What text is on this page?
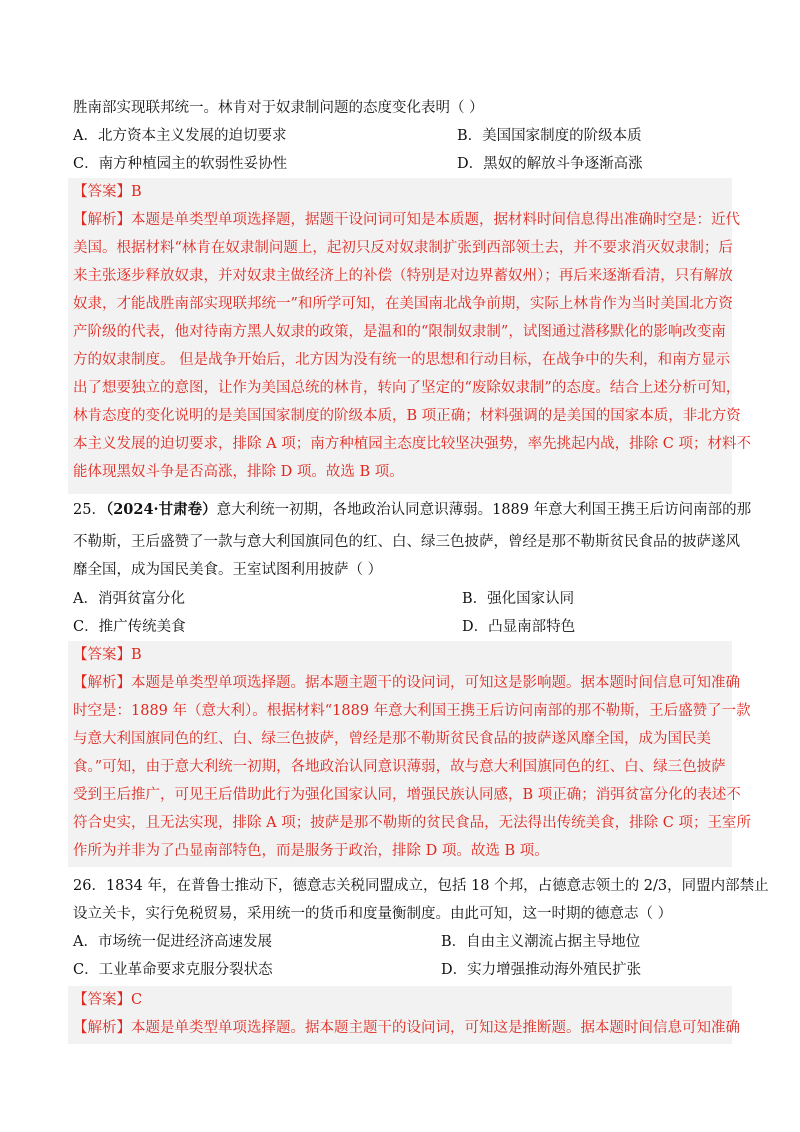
胜南部实现联邦统一。林肯对于奴隶制问题的态度变化表明（ ）
A．北方资本主义发展的迫切要求	B．美国国家制度的阶级本质
C．南方种植园主的软弱性妥协性	D．黑奴的解放斗争逐渐高涨
【答案】B
【解析】本题是单类型单项选择题，据题干设问词可知是本质题，据材料时间信息得出准确时空是：近代
美国。根据材料“林肯在奴隶制问题上，起初只反对奴隶制扩张到西部领土去，并不要求消灭奴隶制；后
来主张逐步释放奴隶，并对奴隶主做经济上的补偿（特别是对边界蓄奴州）；再后来逐渐看清，只有解放
奴隶，才能战胜南部实现联邦统一”和所学可知，在美国南北战争前期，实际上林肯作为当时美国北方资
产阶级的代表，他对待南方黑人奴隶的政策，是温和的“限制奴隶制”，试图通过潜移默化的影响改变南
方的奴隶制度。 但是战争开始后，北方因为没有统一的思想和行动目标，在战争中的失利，和南方显示
出了想要独立的意图，让作为美国总统的林肯，转向了坚定的“废除奴隶制”的态度。结合上述分析可知，
林肯态度的变化说明的是美国国家制度的阶级本质，B 项正确；材料强调的是美国的国家本质，非北方资
本主义发展的迫切要求，排除 A 项；南方种植园主态度比较坚决强势，率先挑起内战，排除 C 项；材料不
能体现黑奴斗争是否高涨，排除 D 项。故选 B 项。
25．（2024·甘肃卷）意大利统一初期，各地政治认同意识薄弱。1889 年意大利国王携王后访问南部的那
不勒斯，王后盛赞了一款与意大利国旗同色的红、白、绿三色披萨，曾经是那不勒斯贫民食品的披萨遂风
靡全国，成为国民美食。王室试图利用披萨（ ）
A．消弭贫富分化	B．强化国家认同
C．推广传统美食	D．凸显南部特色
【答案】B
【解析】本题是单类型单项选择题。据本题主题干的设问词，可知这是影响题。据本题时间信息可知准确
时空是：1889 年（意大利）。根据材料“1889 年意大利国王携王后访问南部的那不勒斯，王后盛赞了一款
与意大利国旗同色的红、白、绿三色披萨，曾经是那不勒斯贫民食品的披萨遂风靡全国，成为国民美
食。”可知，由于意大利统一初期，各地政治认同意识薄弱，故与意大利国旗同色的红、白、绿三色披萨
受到王后推广，可见王后借助此行为强化国家认同，增强民族认同感，B 项正确；消弭贫富分化的表述不
符合史实，且无法实现，排除 A 项；披萨是那不勒斯的贫民食品，无法得出传统美食，排除 C 项；王室所
作所为并非为了凸显南部特色，而是服务于政治，排除 D 项。故选 B 项。
26．1834 年，在普鲁士推动下，德意志关税同盟成立，包括 18 个邦，占德意志领土的 2/3，同盟内部禁止
设立关卡，实行免税贸易，采用统一的货币和度量衡制度。由此可知，这一时期的德意志（ ）
A．市场统一促进经济高速发展	B．自由主义潮流占据主导地位
C．工业革命要求克服分裂状态	D．实力增强推动海外殖民扩张
【答案】C
【解析】本题是单类型单项选择题。据本题主题干的设问词，可知这是推断题。据本题时间信息可知准确
